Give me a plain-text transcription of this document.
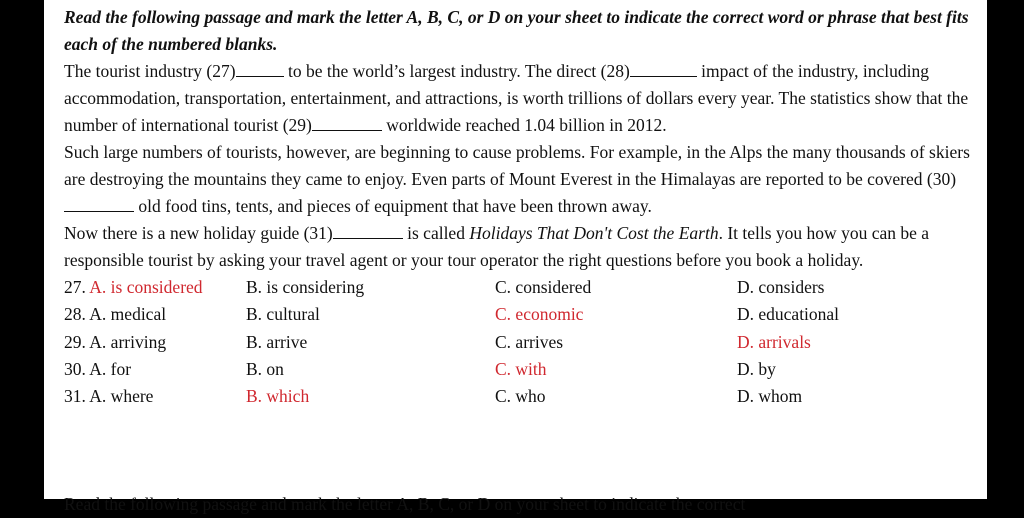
Read the following passage and mark the letter A, B, C, or D on your sheet to indicate the correct word or phrase that best fits each of the numbered blanks.

The tourist industry (27)	to be the world’s largest industry. The direct (28)	impact of the industry, including accommodation, transportation, entertainment, and attractions, is worth trillions of dollars every year. The statistics show that the number of international tourist (29)	worldwide reached 1.04 billion in 2012.

Such large numbers of tourists, however, are beginning to cause problems. For example, in the Alps the many thousands of skiers are destroying the mountains they came to enjoy. Even parts of Mount Everest in the Himalayas are reported to be covered (30) old food tins, tents, and pieces of equipment that have been thrown away.

Now there is a new holiday guide (31)	is called Holidays That Don't Cost the Earth. It tells you how you can be a responsible tourist by asking your travel agent or your tour operator the right questions before you book a holiday.

27. A. is considered B. is considering	C. considered	D. considers
28. A. medical	B. cultural	C. economic	D. educational
29. A. arriving	B. arrive	C. arrives	D. arrivals
30. A. for	B. on	C. with	D. by
31. A. where	B. which	C. who	D. whom
Read the following passage and mark the letter A, B, C, or D on your sheet to indicate the correct
